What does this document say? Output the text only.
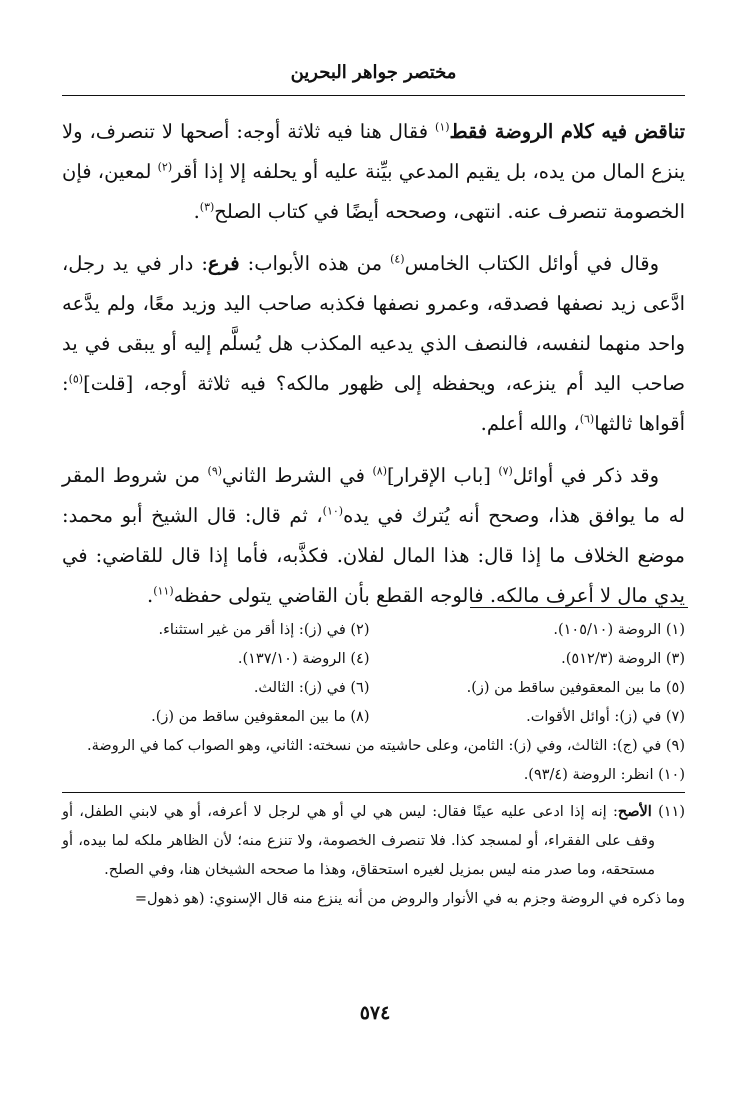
مختصر جواهر البحرين

تناقض فيه كلام الروضة فقط$^{(١)}$ فقال هنا فيه ثلاثة أوجه: أصحها لا تنصرف، ولا ينزع المال من يده، بل يقيم المدعي بيِّنة عليه أو يحلفه إلا إذا أقر$^{(٢)}$ لمعين، فإن الخصومة تنصرف عنه. انتهى، وصححه أيضًا في كتاب الصلح$^{(٣)}$.

وقال في أوائل الكتاب الخامس$^{(٤)}$ من هذه الأبواب: فرع: دار في يد رجل، ادَّعى زيد نصفها فصدقه، وعمرو نصفها فكذبه صاحب اليد وزيد معًا، ولم يدَّعه واحد منهما لنفسه، فالنصف الذي يدعيه المكذب هل يُسلَّم إليه أو يبقى في يد صاحب اليد أم ينزعه، ويحفظه إلى ظهور مالكه؟ فيه ثلاثة أوجه، [قلت]$^{(٥)}$: أقواها ثالثها$^{(٦)}$، والله أعلم.

وقد ذكر في أوائل$^{(٧)}$ [باب الإقرار]$^{(٨)}$ في الشرط الثاني$^{(٩)}$ من شروط المقر له ما يوافق هذا، وصحح أنه يُترك في يده$^{(١٠)}$، ثم قال: قال الشيخ أبو محمد: موضع الخلاف ما إذا قال: هذا المال لفلان. فكذَّبه، فأما إذا قال للقاضي: في يدي مال لا أعرف مالكه. فالوجه القطع بأن القاضي يتولى حفظه$^{(١١)}$.

(١) الروضة (١٠٥/١٠).
(٢) في (ز): إذا أقر من غير استثناء.
(٣) الروضة (٥١٢/٣).
(٤) الروضة (١٣٧/١٠).
(٥) ما بين المعقوفين ساقط من (ز).
(٦) في (ز): الثالث.
(٧) في (ز): أوائل الأقوات.
(٨) ما بين المعقوفين ساقط من (ز).
(٩) في (ج): الثالث، وفي (ز): الثامن، وعلى حاشيته من نسخته: الثاني، وهو الصواب كما في الروضة.
(١٠) انظر: الروضة (٩٣/٤).
(١١) الأصح: إنه إذا ادعى عليه عينًا فقال: ليس هي لي أو هي لرجل لا أعرفه، أو هي لابني الطفل، أو وقف على الفقراء، أو لمسجد كذا. فلا تنصرف الخصومة، ولا تنزع منه؛ لأن الظاهر ملكه لما بيده، أو مستحقه، وما صدر منه ليس بمزيل لغيره استحقاق، وهذا ما صححه الشيخان هنا، وفي الصلح.
وما ذكره في الروضة وجزم به في الأنوار والروض من أنه ينزع منه قال الإسنوي: (هو ذهول=
٥٧٤
